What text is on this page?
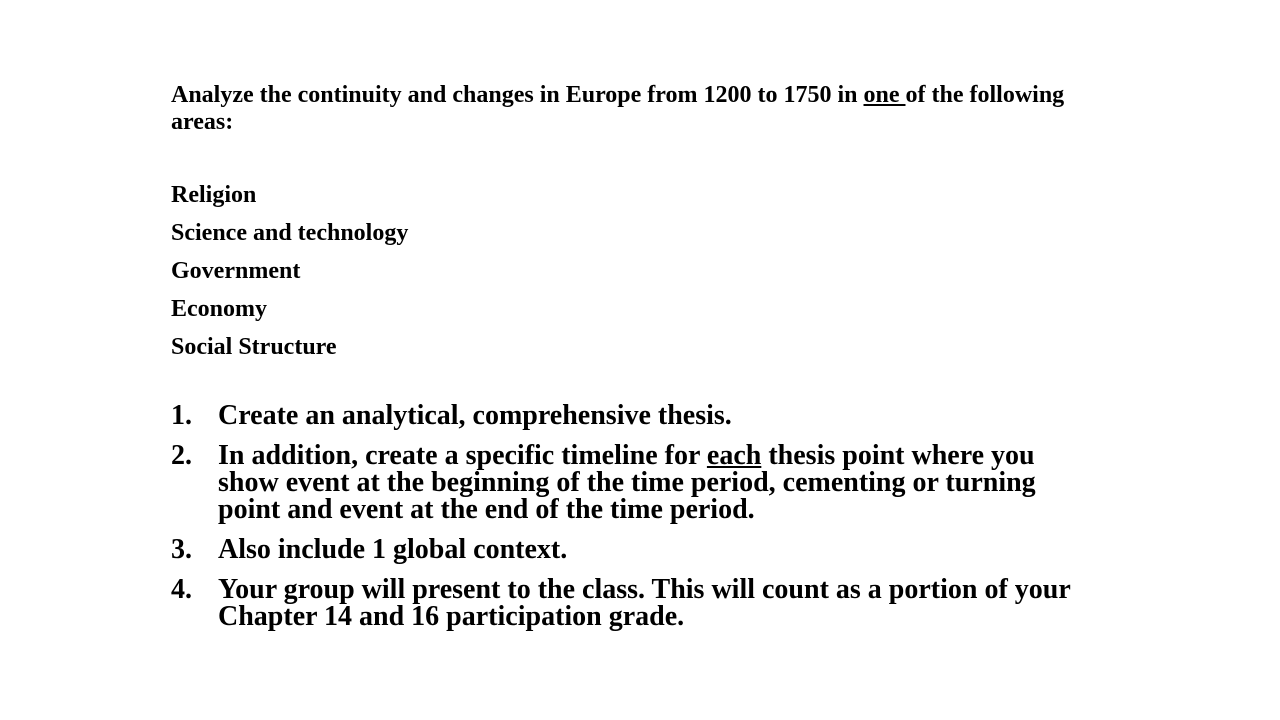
Analyze the continuity and changes in Europe from 1200 to 1750 in one of the following areas:

Religion
Science and technology
Government
Economy
Social Structure
1. Create an analytical, comprehensive thesis.
2. In addition, create a specific timeline for each thesis point where you show event at the beginning of the time period, cementing or turning point and event at the end of the time period.
3. Also include 1 global context.
4. Your group will present to the class. This will count as a portion of your Chapter 14 and 16 participation grade.
